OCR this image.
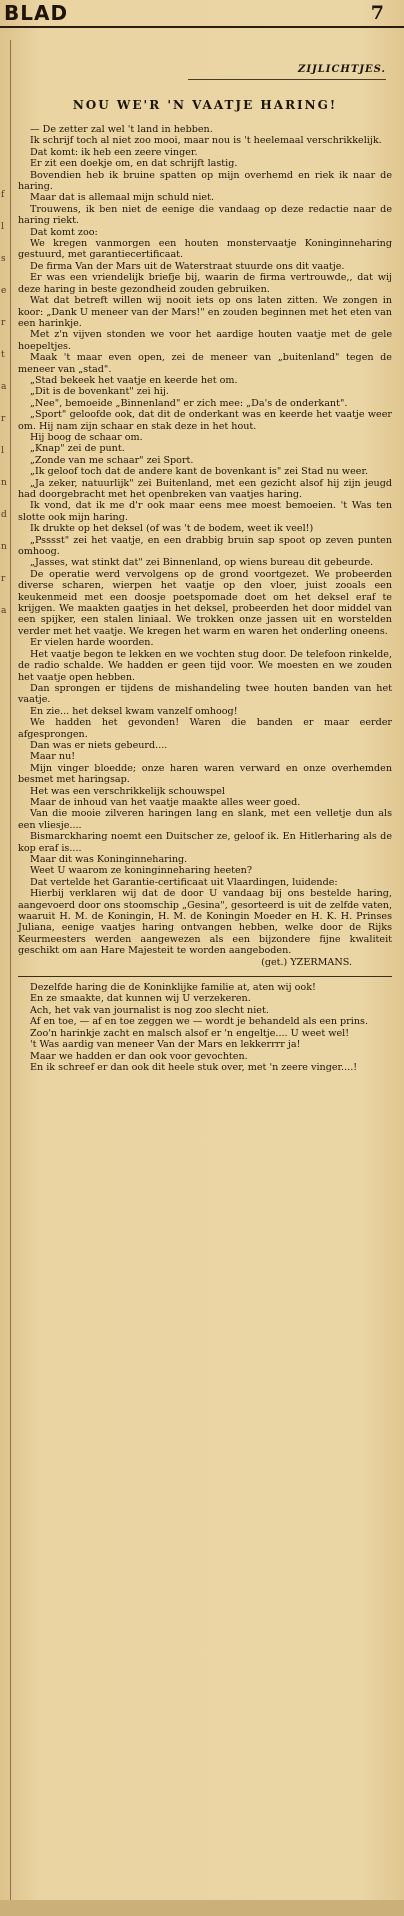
BLAD	7
f
l
s
e
r
t
a
r
l
n
d
n
r
a
ZIJLICHTJES.
NOU WE'R 'N VAATJE HARING!

— De zetter zal wel 't land in hebben.

Ik schrijf toch al niet zoo mooi, maar nou is 't heelemaal verschrikkelijk.

Dat komt: ik heb een zeere vinger.

Er zit een doekje om, en dat schrijft lastig.

Bovendien heb ik bruine spatten op mijn overhemd en riek ik naar de haring.

Maar dat is allemaal mijn schuld niet.

Trouwens, ik ben niet de eenige die vandaag op deze redactie naar de haring riekt.

Dat komt zoo:

We kregen vanmorgen een houten monstervaatje Koninginneharing gestuurd, met garantiecertificaat.

De firma Van der Mars uit de Waterstraat stuurde ons dit vaatje.

Er was een vriendelijk briefje bij, waarin de firma vertrouwde,, dat wij deze haring in beste gezondheid zouden gebruiken.

Wat dat betreft willen wij nooit iets op ons laten zitten. We zongen in koor: „Dank U meneer van der Mars!" en zouden beginnen met het eten van een harinkje.

Met z'n vijven stonden we voor het aardige houten vaatje met de gele hoepeltjes.

Maak 't maar even open, zei de meneer van „buitenland" tegen de meneer van „stad".

„Stad bekeek het vaatje en keerde het om.

„Dit is de bovenkant" zei hij.

„Nee", bemoeide „Binnenland" er zich mee: „Da's de onderkant".

„Sport" geloofde ook, dat dit de onderkant was en keerde het vaatje weer om. Hij nam zijn schaar en stak deze in het hout.

Hij boog de schaar om.

„Knap" zei de punt.

„Zonde van me schaar" zei Sport.

„Ik geloof toch dat de andere kant de bovenkant is" zei Stad nu weer.

„Ja zeker, natuurlijk" zei Buitenland, met een gezicht alsof hij zijn jeugd had doorgebracht met het openbreken van vaatjes haring.

Ik vond, dat ik me d'r ook maar eens mee moest bemoeien. 't Was ten slotte ook mijn haring.

Ik drukte op het deksel (of was 't de bodem, weet ik veel!)

„Psssst" zei het vaatje, en een drabbig bruin sap spoot op zeven punten omhoog.

„Jasses, wat stinkt dat" zei Binnenland, op wiens bureau dit gebeurde.

De operatie werd vervolgens op de grond voortgezet. We probeerden diverse scharen, wierpen het vaatje op den vloer, juist zooals een keukenmeid met een doosje poetspomade doet om het deksel eraf te krijgen. We maakten gaatjes in het deksel, probeerden het door middel van een spijker, een stalen liniaal. We trokken onze jassen uit en worstelden verder met het vaatje. We kregen het warm en waren het onderling oneens.

Er vielen harde woorden.

Het vaatje begon te lekken en we vochten stug door. De telefoon rinkelde, de radio schalde. We hadden er geen tijd voor. We moesten en we zouden het vaatje open hebben.

Dan sprongen er tijdens de mishandeling twee houten banden van het vaatje.

En zie... het deksel kwam vanzelf omhoog!

We hadden het gevonden! Waren die banden er maar eerder afgesprongen.

Dan was er niets gebeurd....

Maar nu!

Mijn vinger bloedde; onze haren waren verward en onze overhemden besmet met haringsap.

Het was een verschrikkelijk schouwspel

Maar de inhoud van het vaatje maakte alles weer goed.

Van die mooie zilveren haringen lang en slank, met een velletje dun als een vliesje....

Bismarckharing noemt een Duitscher ze, geloof ik. En Hitlerharing als de kop eraf is....

Maar dit was Koninginneharing.

Weet U waarom ze koninginneharing heeten?

Dat vertelde het Garantie-certificaat uit Vlaardingen, luidende:

Hierbij verklaren wij dat de door U vandaag bij ons bestelde haring, aangevoerd door ons stoomschip „Gesina", gesorteerd is uit de zelfde vaten, waaruit H. M. de Koningin, H. M. de Koningin Moeder en H. K. H. Prinses Juliana, eenige vaatjes haring ontvangen hebben, welke door de Rijks Keurmeesters werden aangewezen als een bijzondere fijne kwaliteit geschikt om aan Hare Majesteit te worden aangeboden.

(get.) YZERMANS.

Dezelfde haring die de Koninklijke familie at, aten wij ook!

En ze smaakte, dat kunnen wij U verzekeren.

Ach, het vak van journalist is nog zoo slecht niet.

Af en toe, — af en toe zeggen we — wordt je behandeld als een prins.

Zoo'n harinkje zacht en malsch alsof er 'n engeltje.... U weet wel!

't Was aardig van meneer Van der Mars en lekkerrrr ja!

Maar we hadden er dan ook voor gevochten.

En ik schreef er dan ook dit heele stuk over, met 'n zeere vinger....!
